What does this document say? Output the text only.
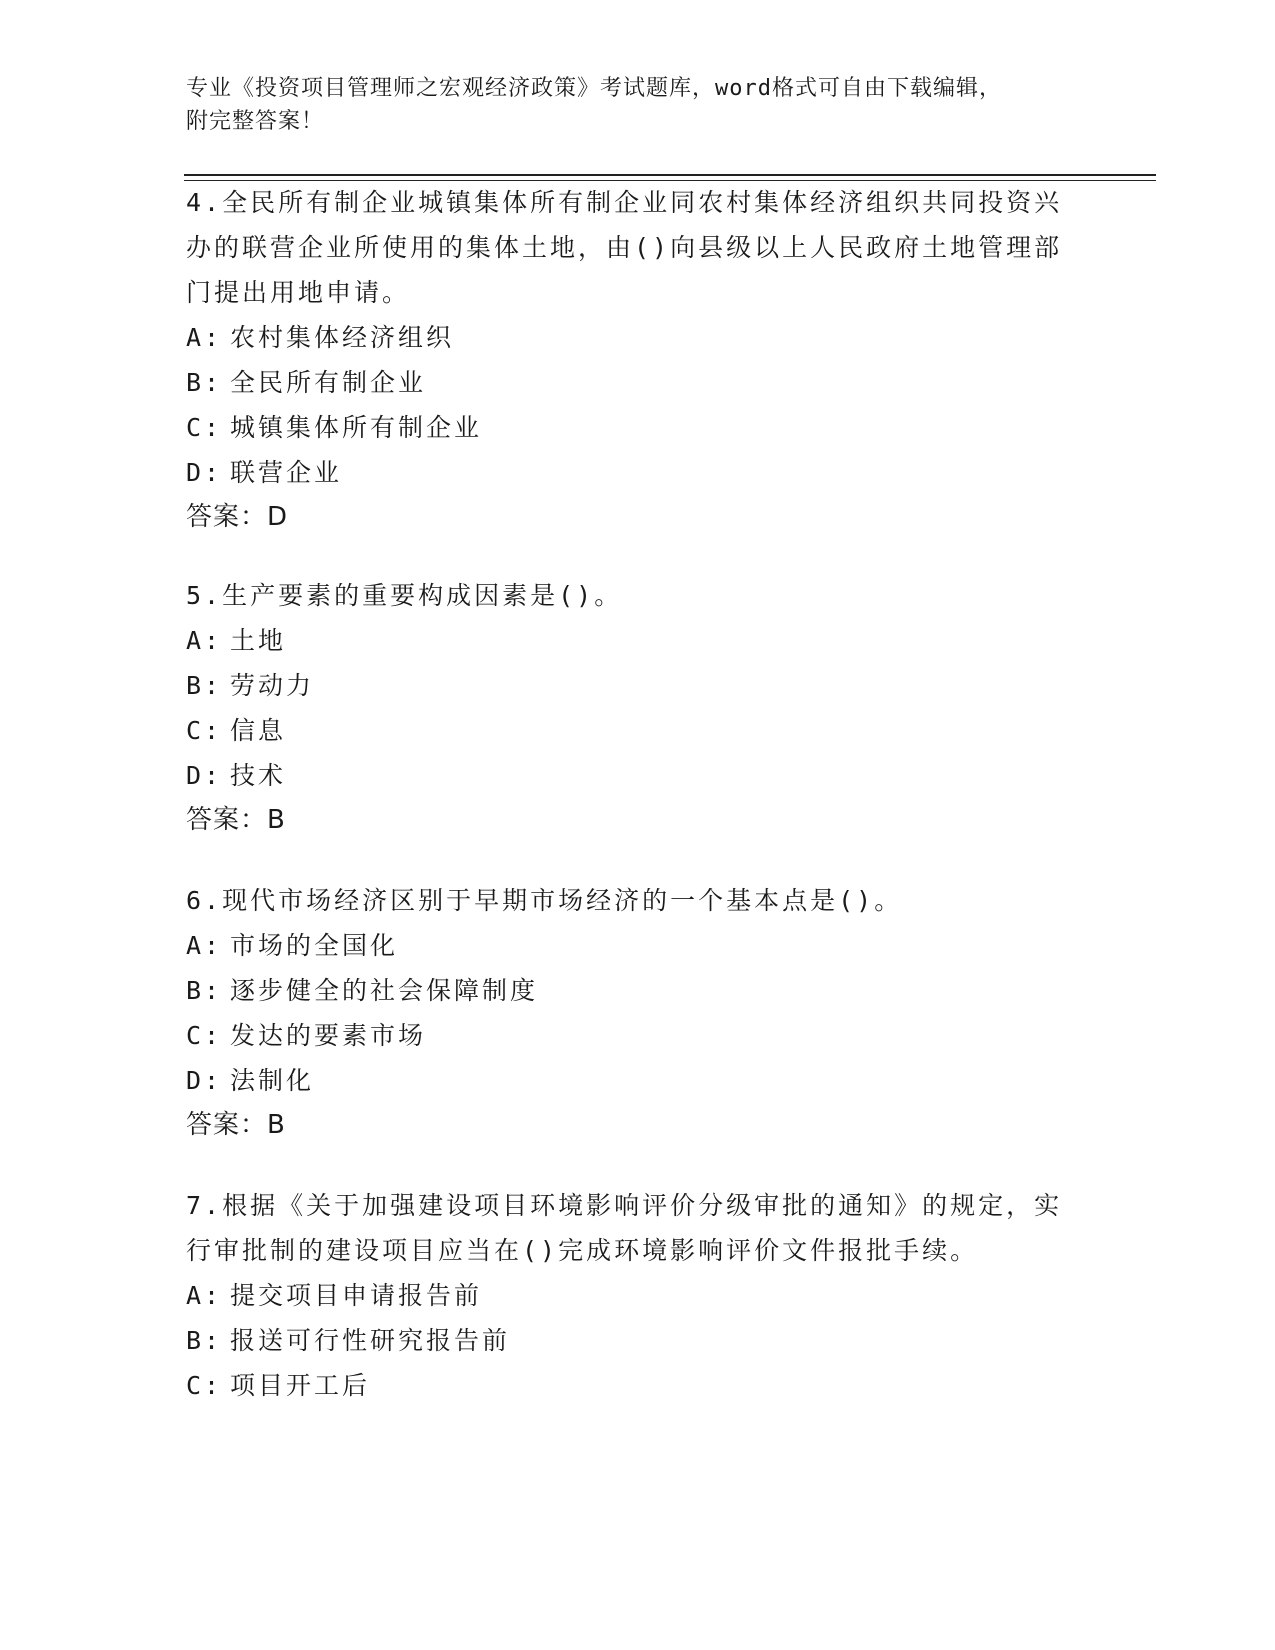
专业《投资项目管理师之宏观经济政策》考试题库，word格式可自由下载编辑，
附完整答案！

4.全民所有制企业城镇集体所有制企业同农村集体经济组织共同投资兴办的联营企业所使用的集体土地，由()向县级以上人民政府土地管理部门提出用地申请。

A: 农村集体经济组织
B: 全民所有制企业
C: 城镇集体所有制企业
D: 联营企业
答案：D

5.生产要素的重要构成因素是()。

A: 土地
B: 劳动力
C: 信息
D: 技术
答案：B

6.现代市场经济区别于早期市场经济的一个基本点是()。

A: 市场的全国化
B: 逐步健全的社会保障制度
C: 发达的要素市场
D: 法制化
答案：B

7.根据《关于加强建设项目环境影响评价分级审批的通知》的规定，实行审批制的建设项目应当在()完成环境影响评价文件报批手续。

A: 提交项目申请报告前
B: 报送可行性研究报告前
C: 项目开工后
